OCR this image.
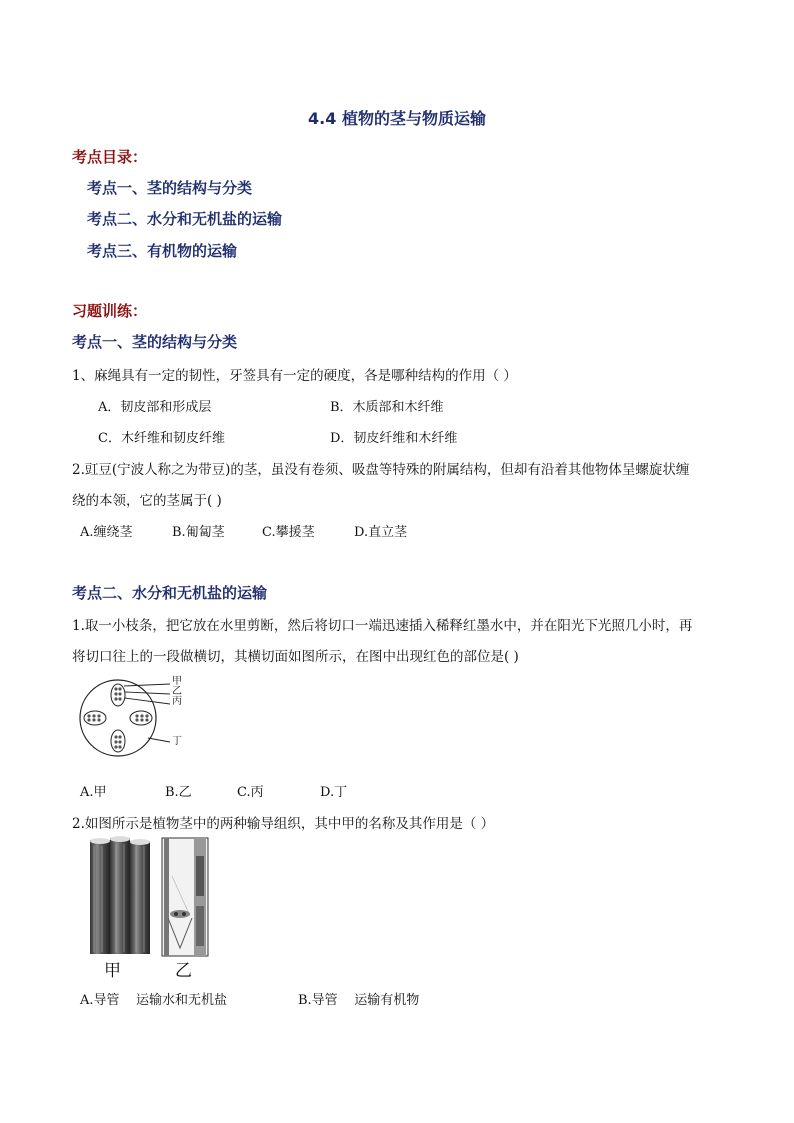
4.4 植物的茎与物质运输
考点目录：
考点一、茎的结构与分类
考点二、水分和无机盐的运输
考点三、有机物的运输
习题训练：
考点一、茎的结构与分类
1、麻绳具有一定的韧性，牙签具有一定的硬度，各是哪种结构的作用（ ）
A．韧皮部和形成层	B．木质部和木纤维
C．木纤维和韧皮纤维	D．韧皮纤维和木纤维
2.豇豆(宁波人称之为带豆)的茎，虽没有卷须、吸盘等特殊的附属结构，但却有沿着其他物体呈螺旋状缠
绕的本领，它的茎属于( )
A.缠绕茎	B.匍匐茎	C.攀援茎	D.直立茎
考点二、水分和无机盐的运输
1.取一小枝条，把它放在水里剪断，然后将切口一端迅速插入稀释红墨水中，并在阳光下光照几小时，再
将切口往上的一段做横切，其横切面如图所示，在图中出现红色的部位是( )
甲
乙
丙
丁
A.甲	B.乙	C.丙	D.丁
2.如图所示是植物茎中的两种输导组织，其中甲的名称及其作用是（ ）
甲	乙
A.导管    运输水和无机盐	B.导管    运输有机物
